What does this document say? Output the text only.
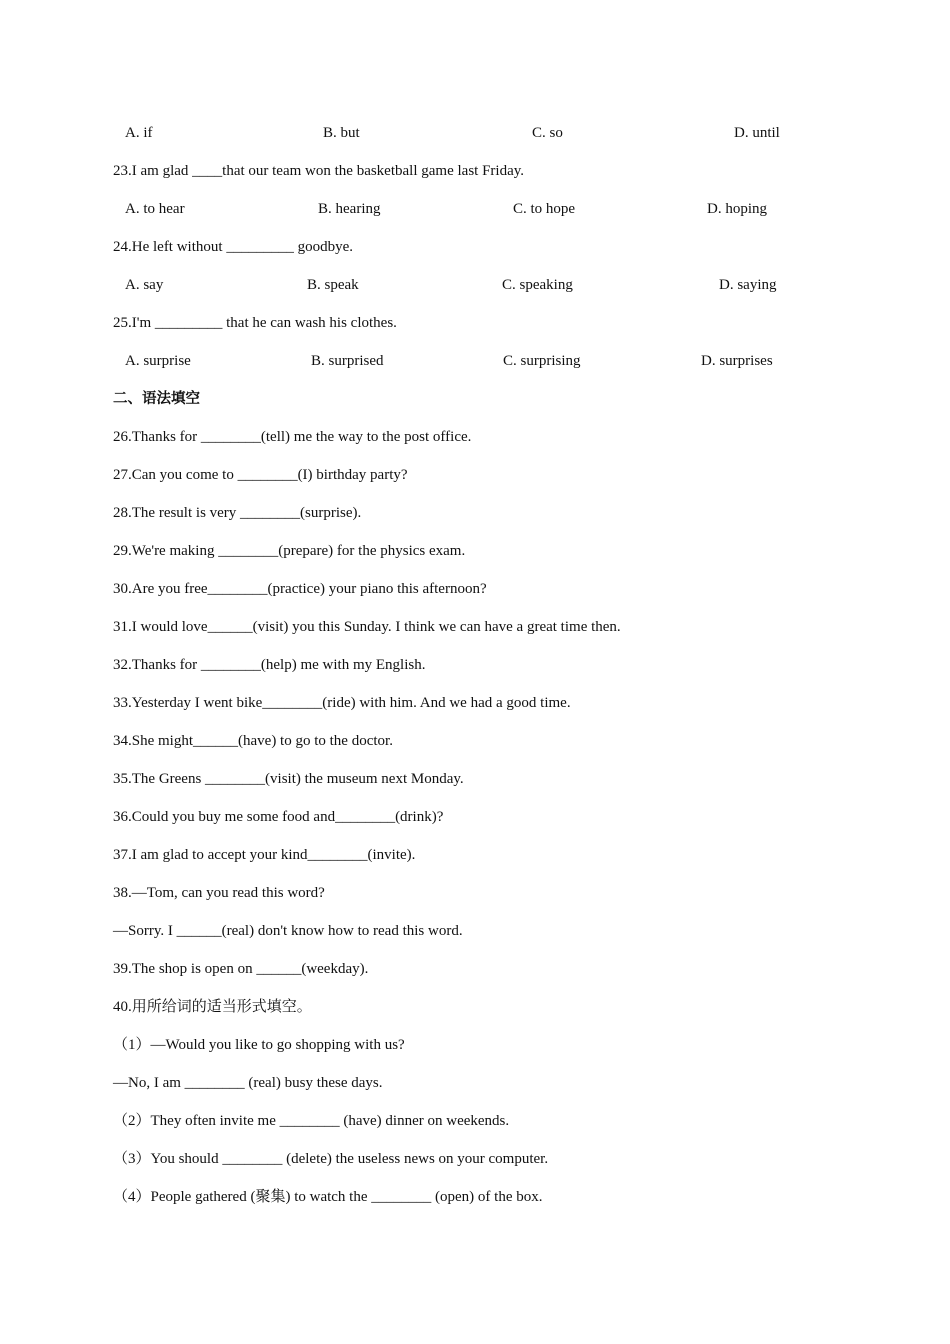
A. if	B. but	C. so	D. until
23.I am glad ____that our team won the basketball game last Friday.
A. to hear	B. hearing	C. to hope	D. hoping
24.He left without _________ goodbye.
A. say	B. speak	C. speaking	D. saying
25.I'm _________ that he can wash his clothes.
A. surprise	B. surprised	C. surprising	D. surprises
二、语法填空
26.Thanks for ________(tell) me the way to the post office.
27.Can you come to ________(I) birthday party?
28.The result is very ________(surprise).
29.We're making ________(prepare) for the physics exam.
30.Are you free________(practice) your piano this afternoon?
31.I would love______(visit) you this Sunday. I think we can have a great time then.
32.Thanks for ________(help) me with my English.
33.Yesterday I went bike________(ride) with him. And we had a good time.
34.She might______(have) to go to the doctor.
35.The Greens ________(visit) the museum next Monday.
36.Could you buy me some food and________(drink)?
37.I am glad to accept your kind________(invite).
38.—Tom, can you read this word?
—Sorry. I ______(real) don't know how to read this word.
39.The shop is open on ______(weekday).
40.用所给词的适当形式填空。
（1）—Would you like to go shopping with us?
—No, I am ________ (real) busy these days.
（2）They often invite me ________ (have) dinner on weekends.
（3）You should ________ (delete) the useless news on your computer.
（4）People gathered (聚集) to watch the ________ (open) of the box.
